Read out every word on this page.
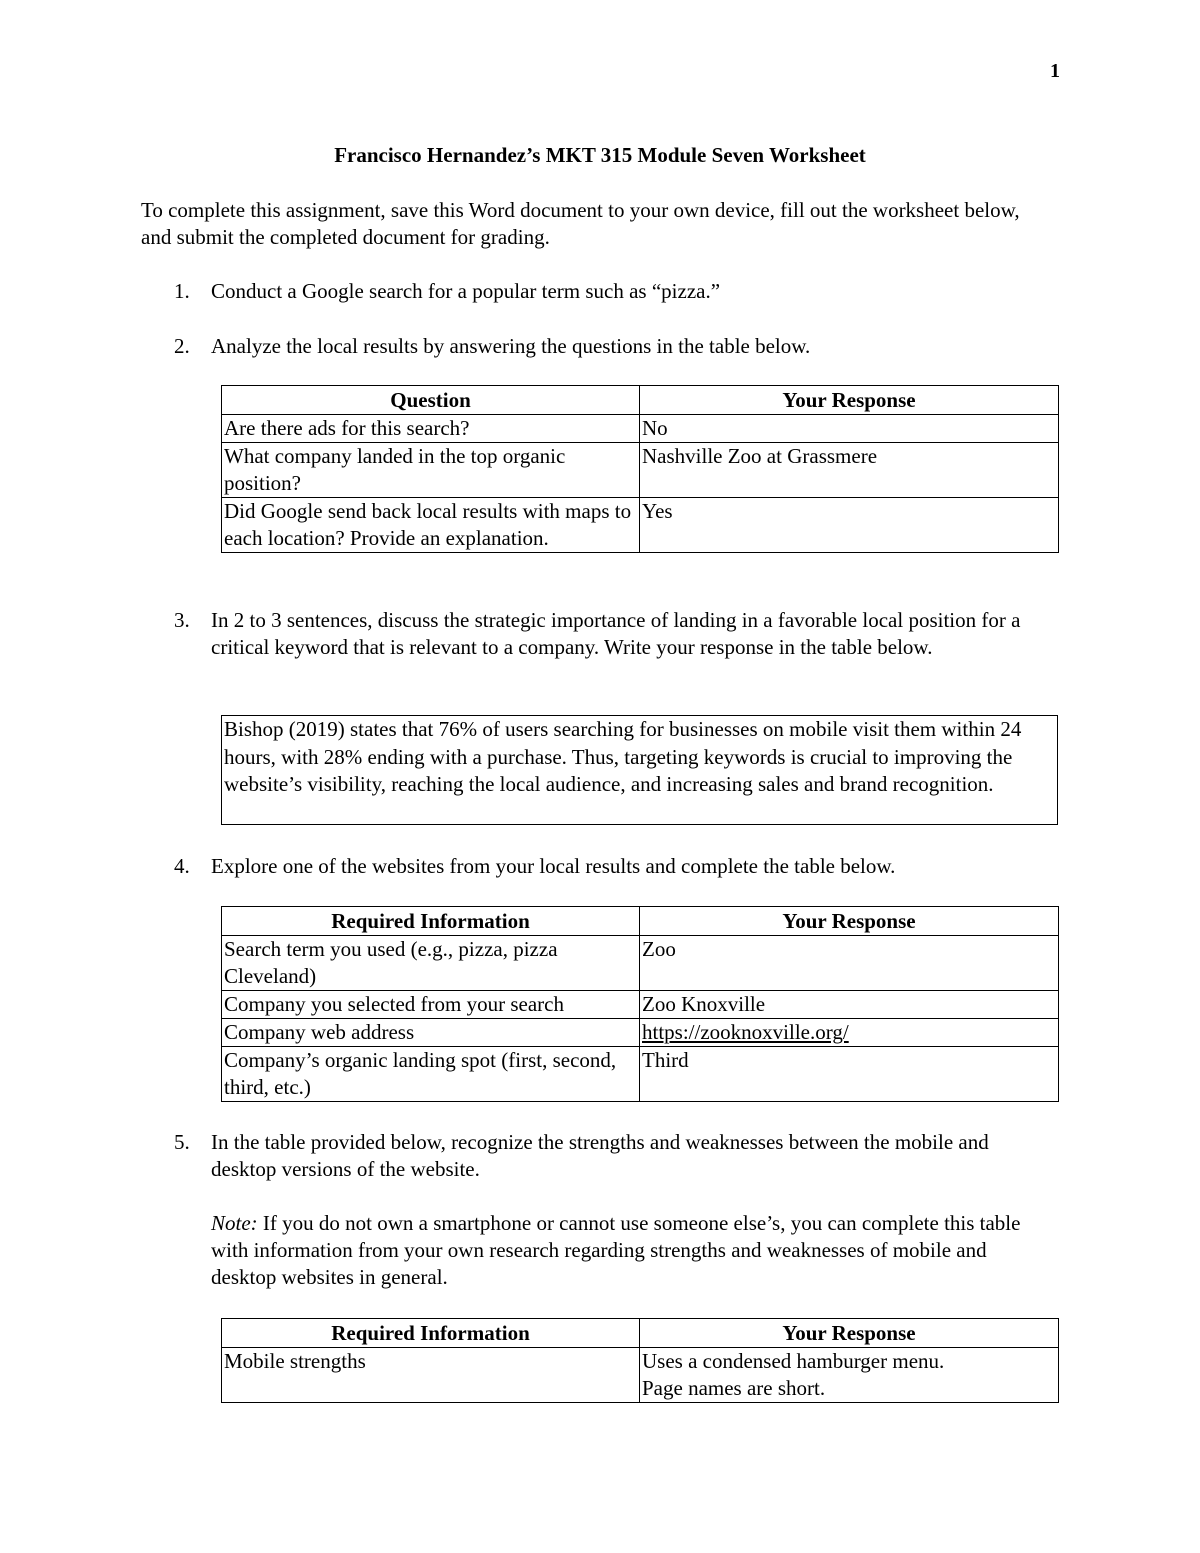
1
Francisco Hernandez’s MKT 315 Module Seven Worksheet
To complete this assignment, save this Word document to your own device, fill out the worksheet below, and submit the completed document for grading.
1.	Conduct a Google search for a popular term such as “pizza.”
2.	Analyze the local results by answering the questions in the table below.
Question	Your Response
Are there ads for this search?	No
What company landed in the top organic position?	Nashville Zoo at Grassmere
Did Google send back local results with maps to each location? Provide an explanation.	Yes
3.	In 2 to 3 sentences, discuss the strategic importance of landing in a favorable local position for a critical keyword that is relevant to a company. Write your response in the table below.
Bishop (2019) states that 76% of users searching for businesses on mobile visit them within 24 hours, with 28% ending with a purchase. Thus, targeting keywords is crucial to improving the website’s visibility, reaching the local audience, and increasing sales and brand recognition.
4.	Explore one of the websites from your local results and complete the table below.
Required Information	Your Response
Search term you used (e.g., pizza, pizza Cleveland)	Zoo
Company you selected from your search	Zoo Knoxville
Company web address	https://zooknoxville.org/
Company’s organic landing spot (first, second, third, etc.)	Third
5.	In the table provided below, recognize the strengths and weaknesses between the mobile and desktop versions of the website.
Note: If you do not own a smartphone or cannot use someone else’s, you can complete this table with information from your own research regarding strengths and weaknesses of mobile and desktop websites in general.
Required Information	Your Response
Mobile strengths	Uses a condensed hamburger menu.
Page names are short.
